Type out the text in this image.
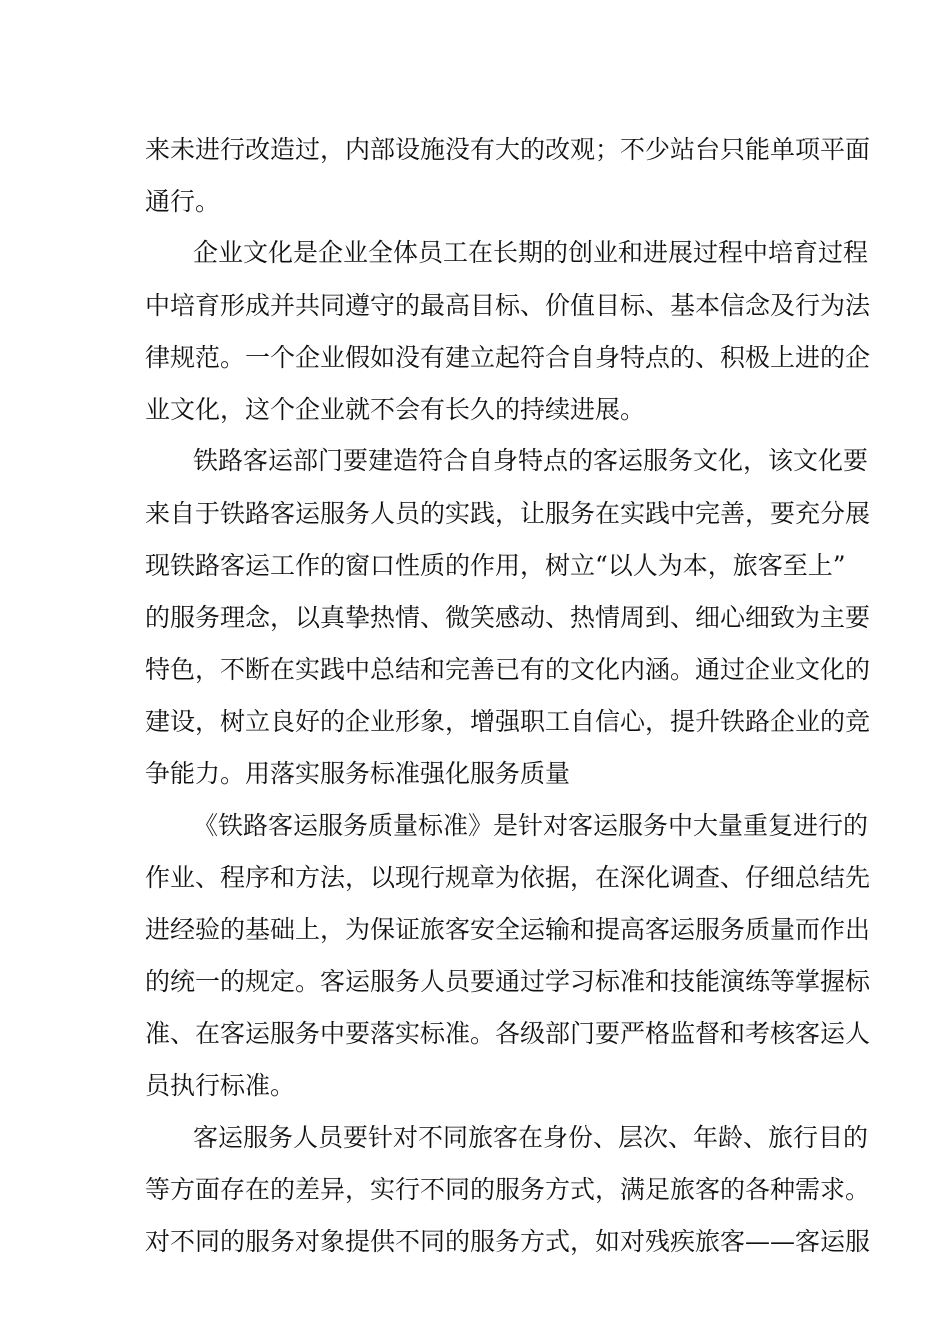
来未进行改造过，内部设施没有大的改观；不少站台只能单项平面
通行。
企业文化是企业全体员工在长期的创业和进展过程中培育过程
中培育形成并共同遵守的最高目标、价值目标、基本信念及行为法
律规范。一个企业假如没有建立起符合自身特点的、积极上进的企
业文化，这个企业就不会有长久的持续进展。
铁路客运部门要建造符合自身特点的客运服务文化，该文化要
来自于铁路客运服务人员的实践，让服务在实践中完善，要充分展
现铁路客运工作的窗口性质的作用，树立“以人为本，旅客至上”
的服务理念，以真挚热情、微笑感动、热情周到、细心细致为主要
特色，不断在实践中总结和完善已有的文化内涵。通过企业文化的
建设，树立良好的企业形象，增强职工自信心，提升铁路企业的竞
争能力。用落实服务标准强化服务质量
《铁路客运服务质量标准》是针对客运服务中大量重复进行的
作业、程序和方法，以现行规章为依据，在深化调查、仔细总结先
进经验的基础上，为保证旅客安全运输和提高客运服务质量而作出
的统一的规定。客运服务人员要通过学习标准和技能演练等掌握标
准、在客运服务中要落实标准。各级部门要严格监督和考核客运人
员执行标准。
客运服务人员要针对不同旅客在身份、层次、年龄、旅行目的
等方面存在的差异，实行不同的服务方式，满足旅客的各种需求。
对不同的服务对象提供不同的服务方式，如对残疾旅客——客运服
